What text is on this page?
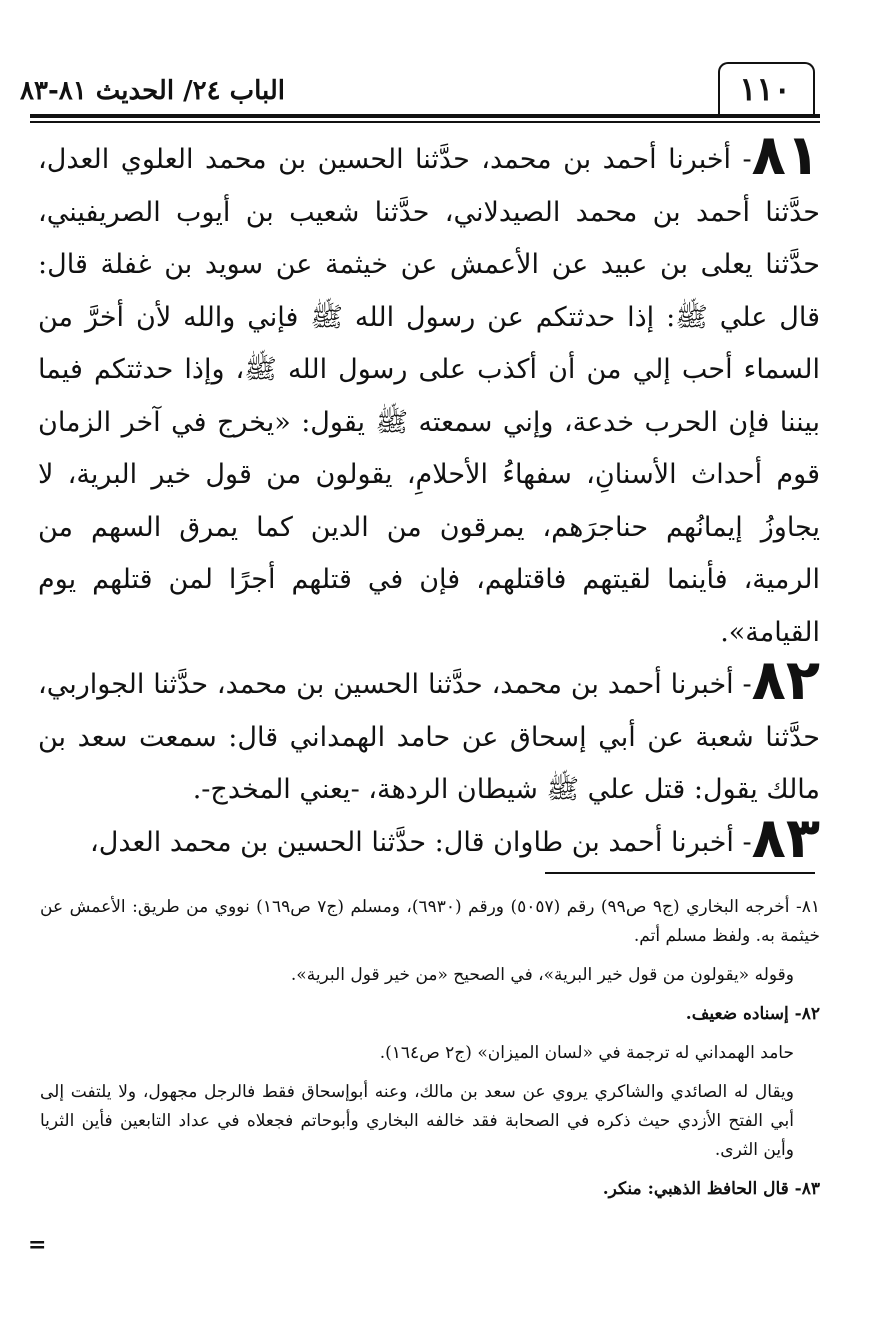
١١٠
الباب ٢٤/ الحديث ٨١-٨٣

٨١- أخبرنا أحمد بن محمد، حدَّثنا الحسين بن محمد العلوي العدل، حدَّثنا أحمد بن محمد الصيدلاني، حدَّثنا شعيب بن أيوب الصريفيني، حدَّثنا يعلى بن عبيد عن الأعمش عن خيثمة عن سويد بن غفلة قال: قال علي ﷺ: إذا حدثتكم عن رسول الله ﷺ فإني والله لأن أخرَّ من السماء أحب إلي من أن أكذب على رسول الله ﷺ، وإذا حدثتكم فيما بيننا فإن الحرب خدعة، وإني سمعته ﷺ يقول: «يخرج في آخر الزمان قوم أحداث الأسنانِ، سفهاءُ الأحلامِ، يقولون من قول خير البرية، لا يجاوزُ إيمانُهم حناجرَهم، يمرقون من الدين كما يمرق السهم من الرمية، فأينما لقيتهم فاقتلهم، فإن في قتلهم أجرًا لمن قتلهم يوم القيامة».

٨٢- أخبرنا أحمد بن محمد، حدَّثنا الحسين بن محمد، حدَّثنا الجواربي، حدَّثنا شعبة عن أبي إسحاق عن حامد الهمداني قال: سمعت سعد بن مالك يقول: قتل علي ﷺ شيطان الردهة، -يعني المخدج-.

٨٣- أخبرنا أحمد بن طاوان قال: حدَّثنا الحسين بن محمد العدل،

٨١- أخرجه البخاري (ج٩ ص٩٩) رقم (٥٠٥٧) ورقم (٦٩٣٠)، ومسلم (ج٧ ص١٦٩) نووي من طريق: الأعمش عن خيثمة به. ولفظ مسلم أتم.

وقوله «يقولون من قول خير البرية»، في الصحيح «من خير قول البرية».

٨٢- إسناده ضعيف.

حامد الهمداني له ترجمة في «لسان الميزان» (ج٢ ص١٦٤).

ويقال له الصائدي والشاكري يروي عن سعد بن مالك، وعنه أبوإسحاق فقط فالرجل مجهول، ولا يلتفت إلى أبي الفتح الأزدي حيث ذكره في الصحابة فقد خالفه البخاري وأبوحاتم فجعلاه في عداد التابعين فأين الثريا وأين الثرى.

٨٣- قال الحافظ الذهبي: منكر.

=
